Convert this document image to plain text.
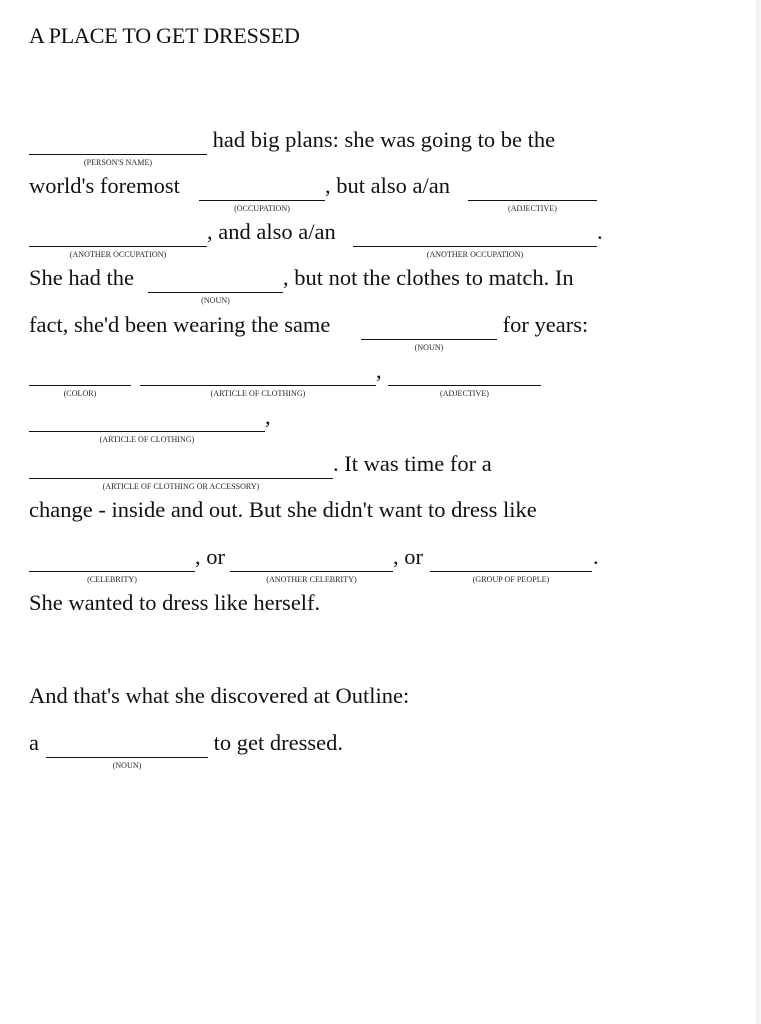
A PLACE TO GET DRESSED
(PERSON'S NAME)
had big plans: she was going to be the
world's foremost
(OCCUPATION)
, but also a/an
(ADJECTIVE)
(ANOTHER OCCUPATION)
, and also a/an
(ANOTHER OCCUPATION)
.
She had the
(NOUN)
, but not the clothes to match. In
fact, she'd been wearing the same
(NOUN)
for years:
(COLOR)	(ARTICLE OF CLOTHING)
,
(ADJECTIVE)
(ARTICLE OF CLOTHING)
,
(ARTICLE OF CLOTHING OR ACCESSORY)
. It was time for a
change - inside and out. But she didn't want to dress like
(CELEBRITY)
, or
(ANOTHER CELEBRITY)
, or
(GROUP OF PEOPLE)
.
She wanted to dress like herself.
And that's what she discovered at Outline:
a
(NOUN)
to get dressed.
